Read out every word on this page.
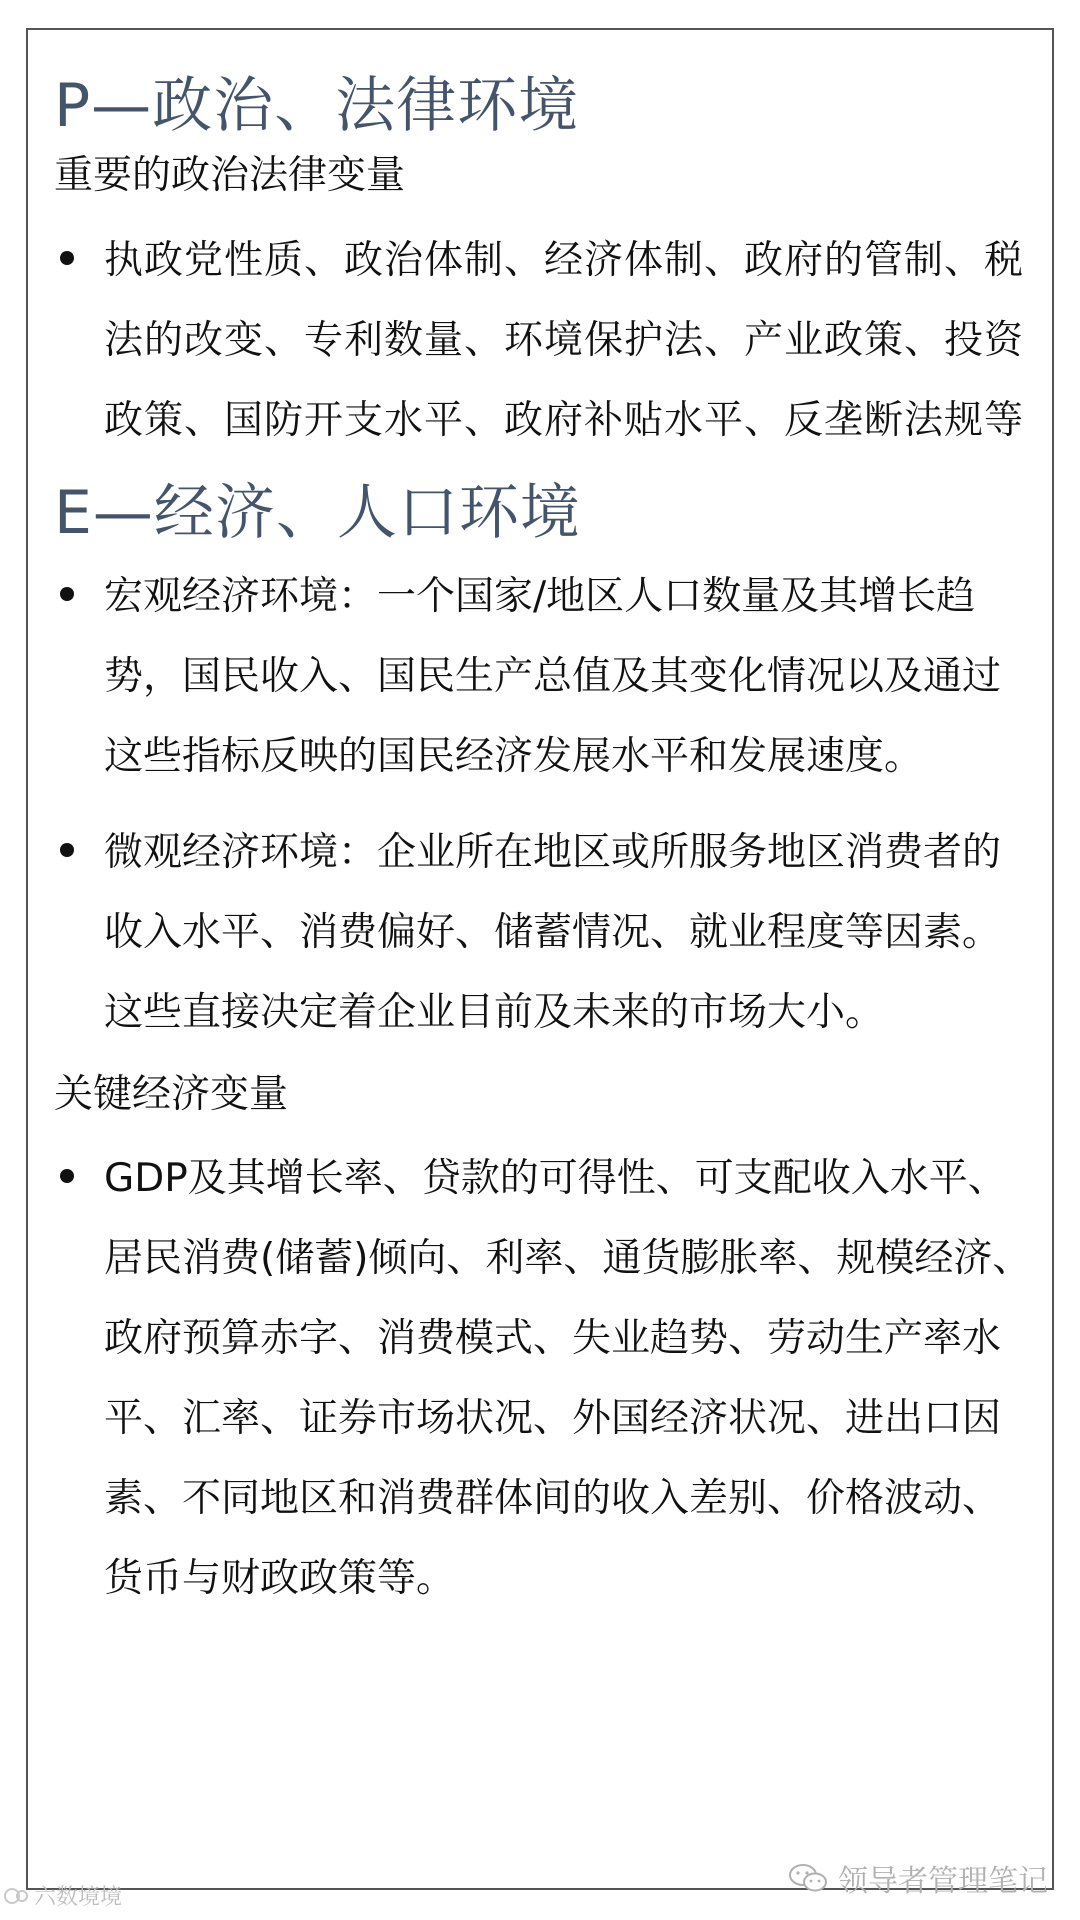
P—政治、法律环境
重要的政治法律变量
执政党性质、政治体制、经济体制、政府的管制、税法的改变、专利数量、环境保护法、产业政策、投资政策、国防开支水平、政府补贴水平、反垄断法规等
E—经济、人口环境
宏观经济环境：一个国家/地区人口数量及其增长趋势，国民收入、国民生产总值及其变化情况以及通过这些指标反映的国民经济发展水平和发展速度。
微观经济环境：企业所在地区或所服务地区消费者的收入水平、消费偏好、储蓄情况、就业程度等因素。这些直接决定着企业目前及未来的市场大小。
关键经济变量
GDP及其增长率、贷款的可得性、可支配收入水平、居民消费(储蓄)倾向、利率、通货膨胀率、规模经济、政府预算赤字、消费模式、失业趋势、劳动生产率水平、汇率、证券市场状况、外国经济状况、进出口因素、不同地区和消费群体间的收入差别、价格波动、货币与财政政策等。
六数境境	领导者管理笔记
